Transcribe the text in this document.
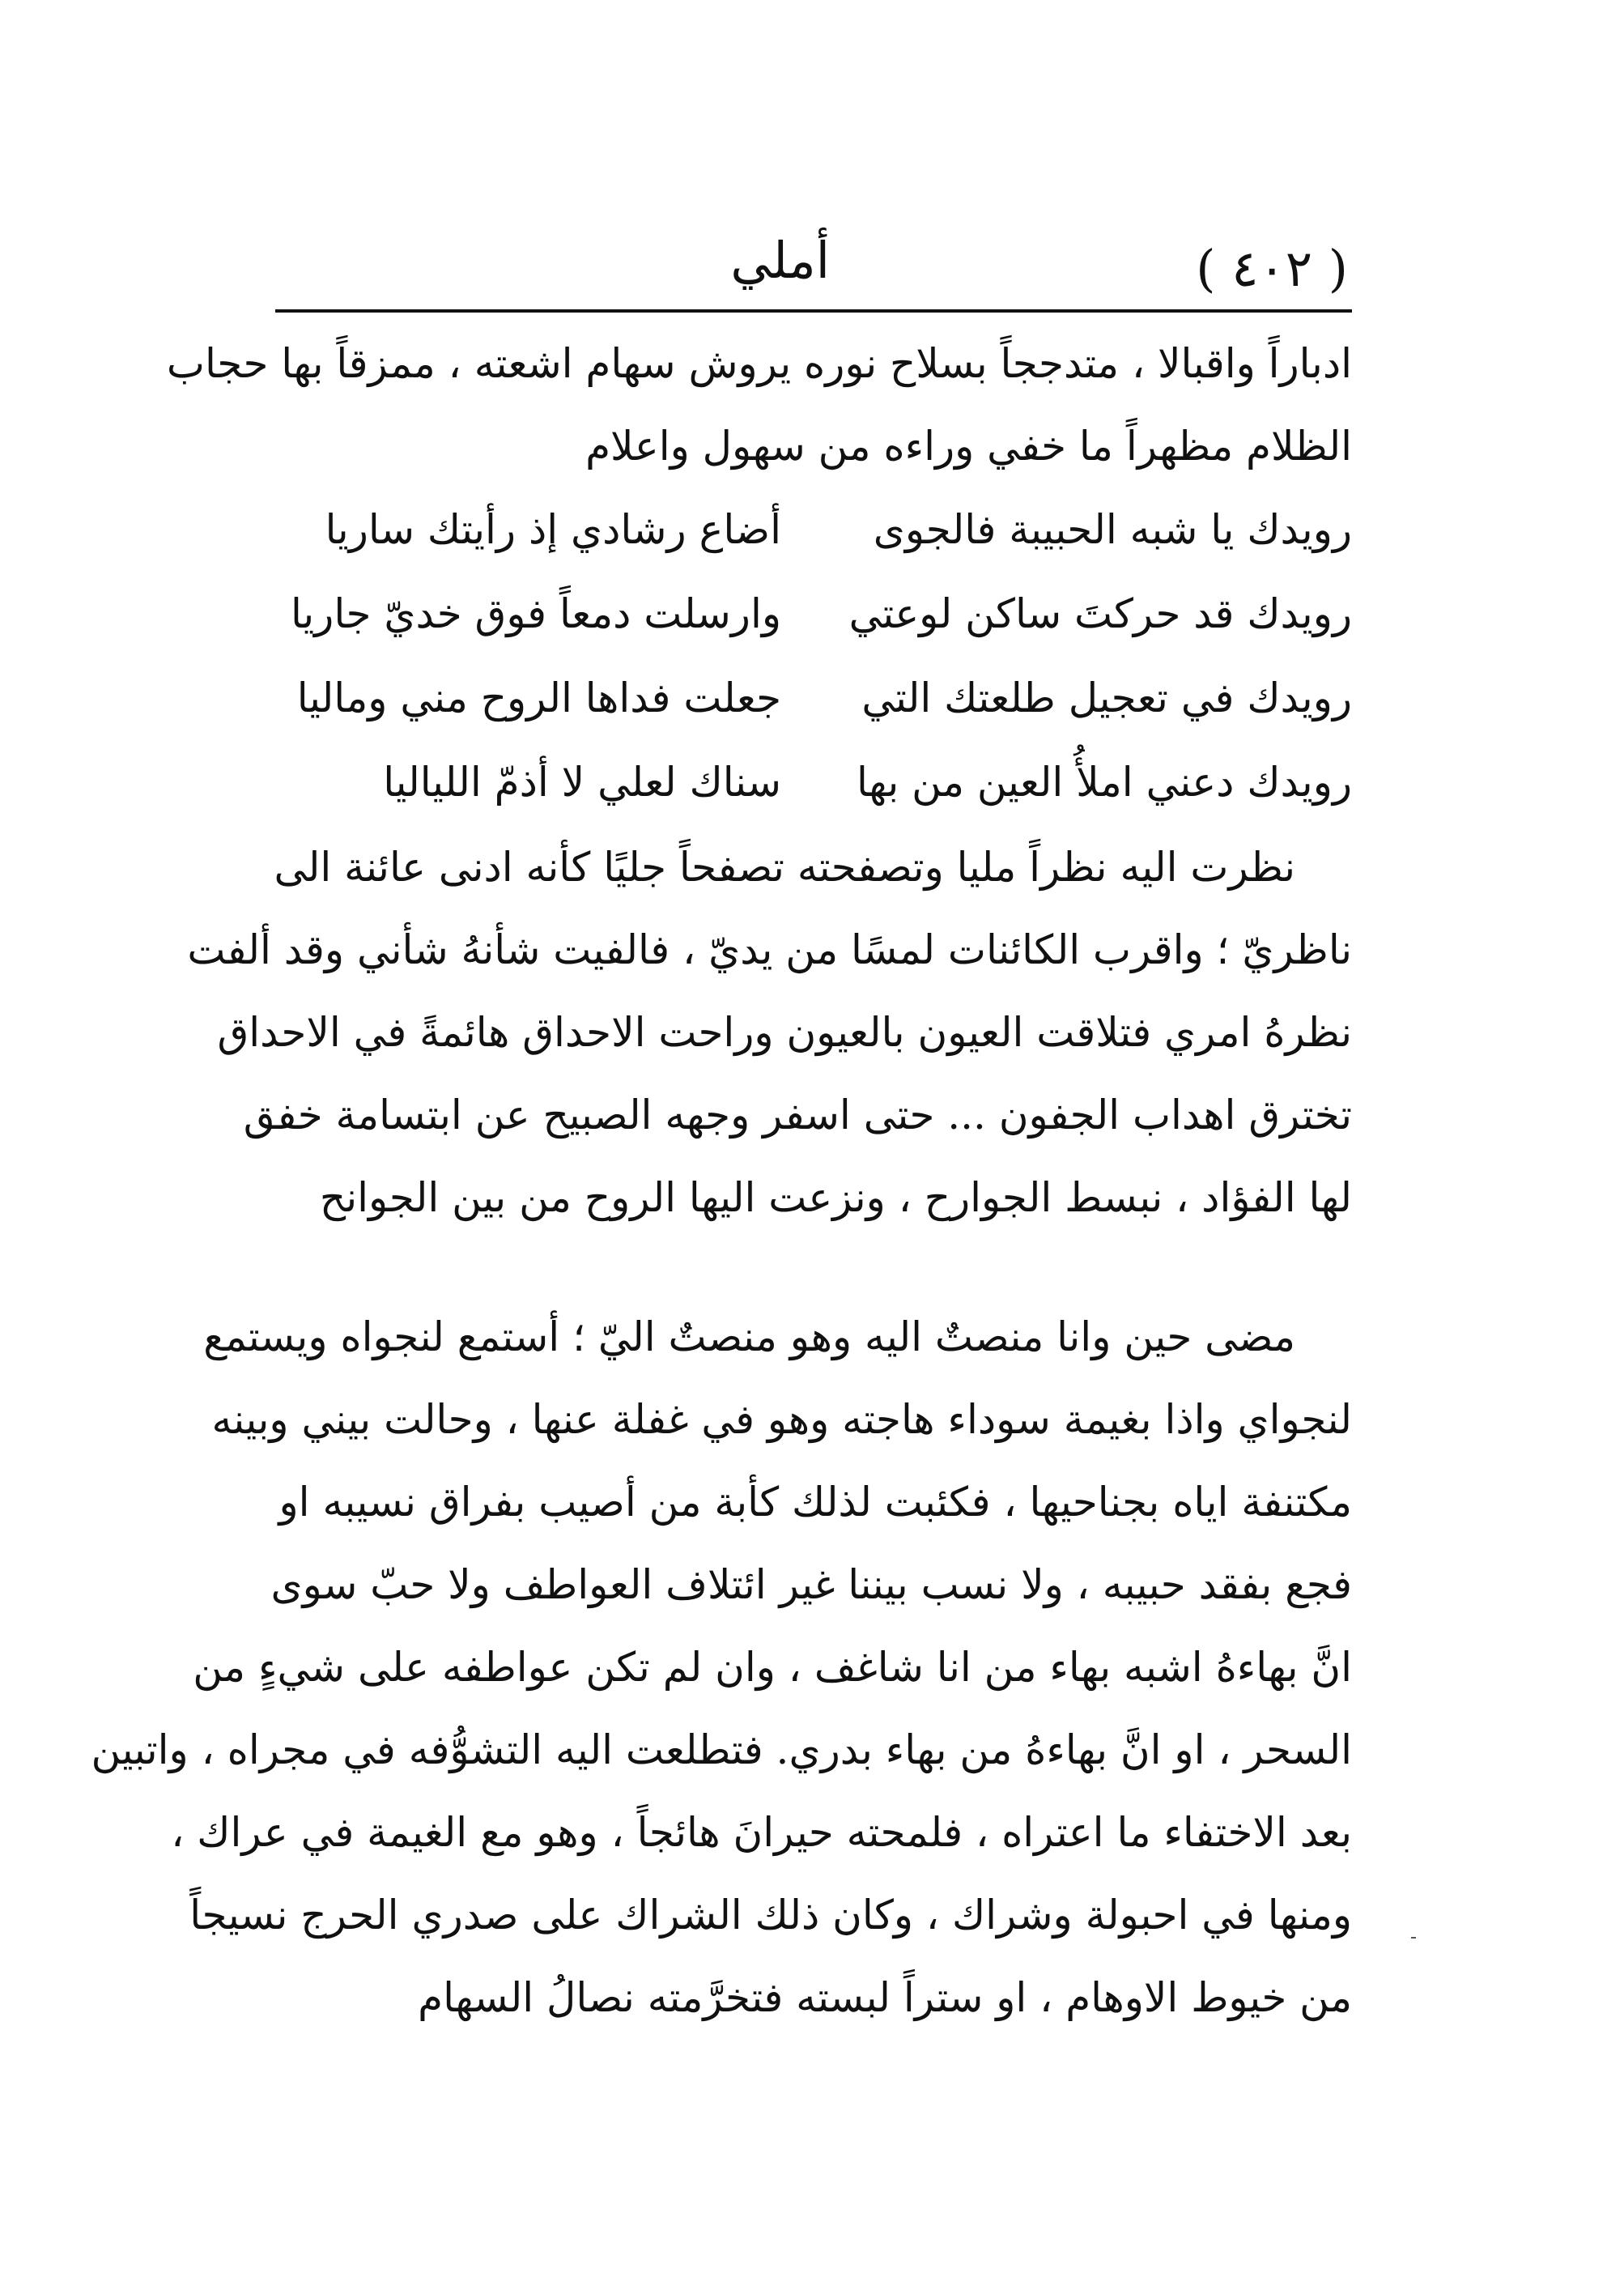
( ٤٠٢ )
أملي
ادباراً واقبالا ، متدججاً بسلاح نوره يروش سهام اشعته ، ممزقاً بها حجاب
الظلام مظهراً ما خفي وراءه من سهول واعلام
رويدك يا شبه الحبيبة فالجوى
أضاع رشادي إذ رأيتك ساريا
رويدك قد حركتَ ساكن لوعتي
وارسلت دمعاً فوق خديّ جاريا
رويدك في تعجيل طلعتك التي
جعلت فداها الروح مني وماليا
رويدك دعني املأُ العين من بها
سناك لعلي لا أذمّ اللياليا
نظرت اليه نظراً مليا وتصفحته تصفحاً جليًا كأنه ادنى عائنة الى
ناظريّ ؛ واقرب الكائنات لمسًا من يديّ ، فالفيت شأنهُ شأني وقد ألفت
نظرهُ امري فتلاقت العيون بالعيون وراحت الاحداق هائمةً في الاحداق
تخترق اهداب الجفون ... حتى اسفر وجهه الصبيح عن ابتسامة خفق
لها الفؤاد ، نبسط الجوارح ، ونزعت اليها الروح من بين الجوانح
مضى حين وانا منصتٌ اليه وهو منصتٌ اليّ ؛ أستمع لنجواه ويستمع
لنجواي واذا بغيمة سوداء هاجته وهو في غفلة عنها ، وحالت بيني وبينه
مكتنفة اياه بجناحيها ، فكئبت لذلك كأبة من أصيب بفراق نسيبه او
فجع بفقد حبيبه ، ولا نسب بيننا غير ائتلاف العواطف ولا حبّ سوى
انَّ بهاءهُ اشبه بهاء من انا شاغف ، وان لم تكن عواطفه على شيءٍ من
السحر ، او انَّ بهاءهُ من بهاء بدري. فتطلعت اليه التشوُّفه في مجراه ، واتبين
بعد الاختفاء ما اعتراه ، فلمحته حيرانَ هائجاً ، وهو مع الغيمة في عراك ،
ومنها في احبولة وشراك ، وكان ذلك الشراك على صدري الحرج نسيجاً
من خيوط الاوهام ، او ستراً لبسته فتخرَّمته نصالُ السهام
